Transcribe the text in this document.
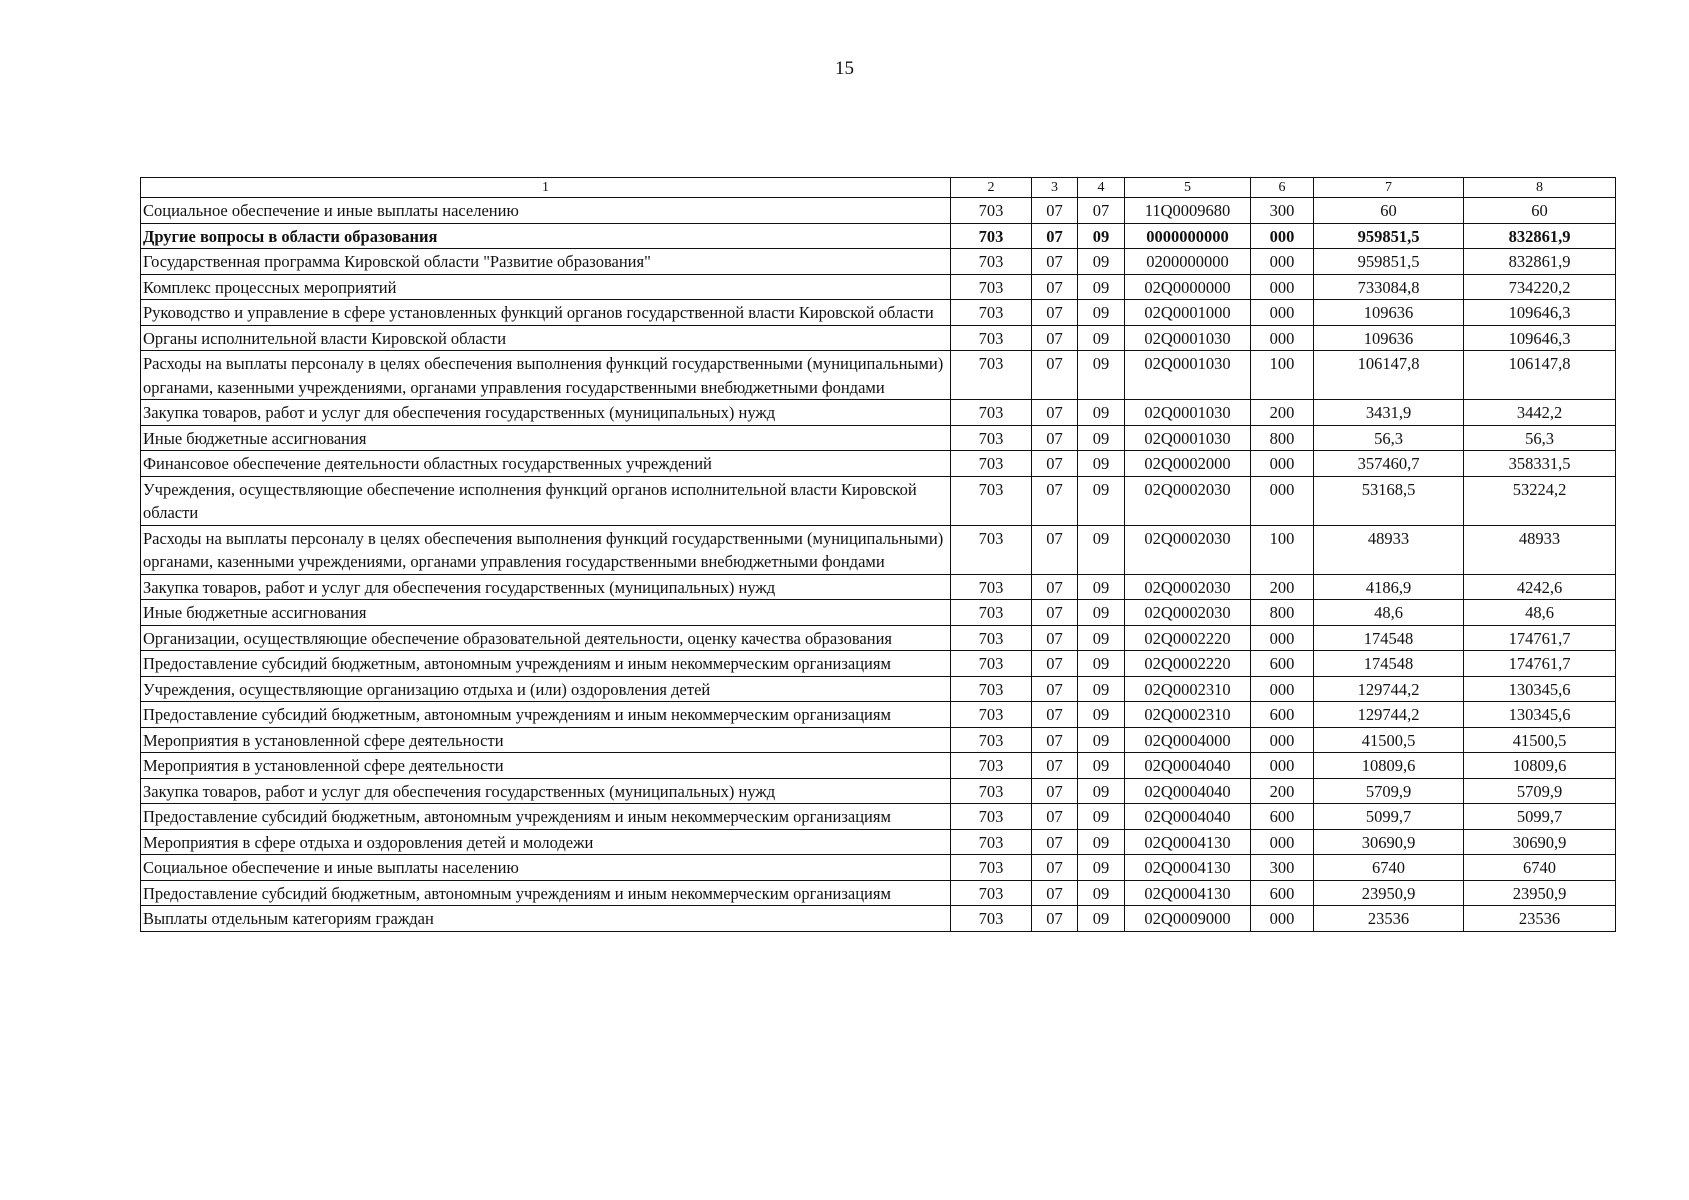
15
1	2	3	4	5	6	7	8
Социальное обеспечение и иные выплаты населению	703	07	07	11Q0009680	300	60	60
Другие вопросы в области образования	703	07	09	0000000000	000	959851,5	832861,9
Государственная программа Кировской области "Развитие образования"	703	07	09	0200000000	000	959851,5	832861,9
Комплекс процессных мероприятий	703	07	09	02Q0000000	000	733084,8	734220,2
Руководство и управление в сфере установленных функций органов государственной власти Кировской области	703	07	09	02Q0001000	000	109636	109646,3
Органы исполнительной власти Кировской области	703	07	09	02Q0001030	000	109636	109646,3
Расходы на выплаты персоналу в целях обеспечения выполнения функций государственными (муниципальными) органами, казенными учреждениями, органами управления государственными внебюджетными фондами	703	07	09	02Q0001030	100	106147,8	106147,8
Закупка товаров, работ и услуг для обеспечения государственных (муниципальных) нужд	703	07	09	02Q0001030	200	3431,9	3442,2
Иные бюджетные ассигнования	703	07	09	02Q0001030	800	56,3	56,3
Финансовое обеспечение деятельности областных государственных учреждений	703	07	09	02Q0002000	000	357460,7	358331,5
Учреждения, осуществляющие обеспечение исполнения функций органов исполнительной власти Кировской области	703	07	09	02Q0002030	000	53168,5	53224,2
Расходы на выплаты персоналу в целях обеспечения выполнения функций государственными (муниципальными) органами, казенными учреждениями, органами управления государственными внебюджетными фондами	703	07	09	02Q0002030	100	48933	48933
Закупка товаров, работ и услуг для обеспечения государственных (муниципальных) нужд	703	07	09	02Q0002030	200	4186,9	4242,6
Иные бюджетные ассигнования	703	07	09	02Q0002030	800	48,6	48,6
Организации, осуществляющие обеспечение образовательной деятельности, оценку качества образования	703	07	09	02Q0002220	000	174548	174761,7
Предоставление субсидий бюджетным, автономным учреждениям и иным некоммерческим организациям	703	07	09	02Q0002220	600	174548	174761,7
Учреждения, осуществляющие организацию отдыха и (или) оздоровления детей	703	07	09	02Q0002310	000	129744,2	130345,6
Предоставление субсидий бюджетным, автономным учреждениям и иным некоммерческим организациям	703	07	09	02Q0002310	600	129744,2	130345,6
Мероприятия в установленной сфере деятельности	703	07	09	02Q0004000	000	41500,5	41500,5
Мероприятия в установленной сфере деятельности	703	07	09	02Q0004040	000	10809,6	10809,6
Закупка товаров, работ и услуг для обеспечения государственных (муниципальных) нужд	703	07	09	02Q0004040	200	5709,9	5709,9
Предоставление субсидий бюджетным, автономным учреждениям и иным некоммерческим организациям	703	07	09	02Q0004040	600	5099,7	5099,7
Мероприятия в сфере отдыха и оздоровления детей и молодежи	703	07	09	02Q0004130	000	30690,9	30690,9
Социальное обеспечение и иные выплаты населению	703	07	09	02Q0004130	300	6740	6740
Предоставление субсидий бюджетным, автономным учреждениям и иным некоммерческим организациям	703	07	09	02Q0004130	600	23950,9	23950,9
Выплаты отдельным категориям граждан	703	07	09	02Q0009000	000	23536	23536
